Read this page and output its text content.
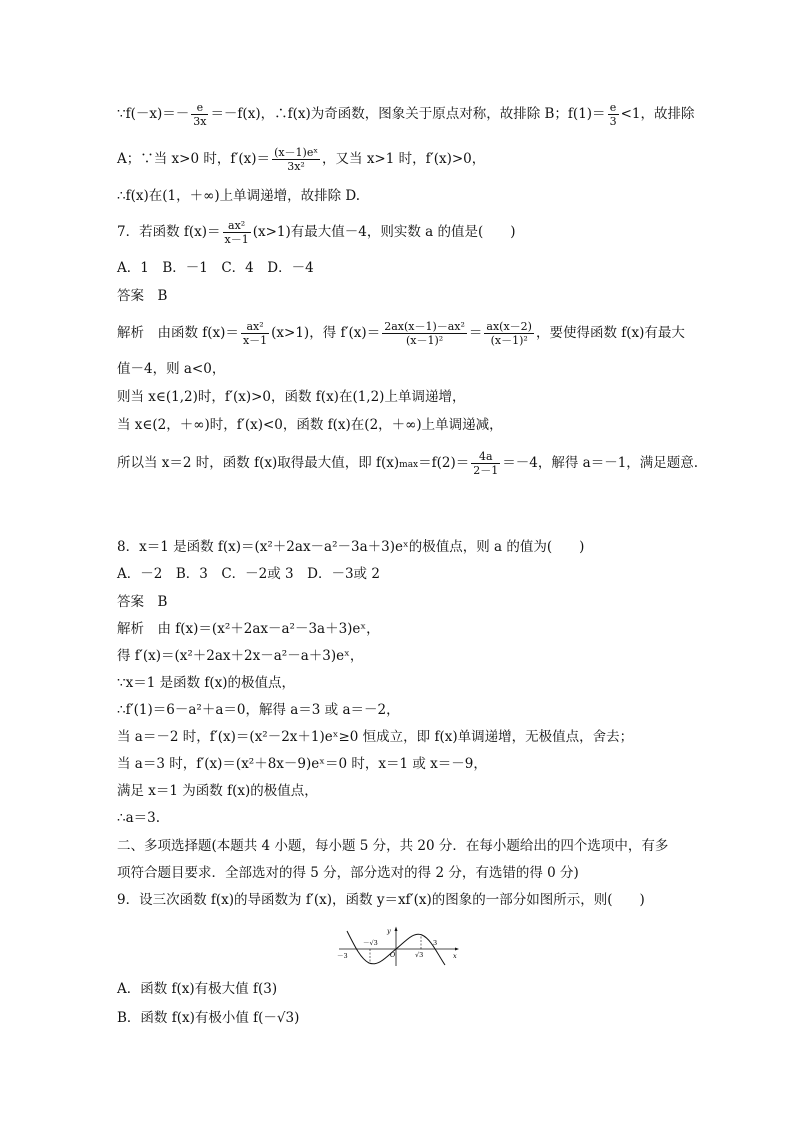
∵f(－x)＝－ $\frac{e}{3x} =-f(x)$，∴f(x)为奇函数，图象关于原点对称，故排除 B；$f(1)= \frac{e}{3} <1$，故排除
A；∵当 x>0 时，$f'(x)= \frac{\text{(x－1)eˣ}}{\text{3x²}}$ ，又当 x>1 时，f′(x)>0，
∴f(x)在(1，＋∞)上单调递增，故排除 D.
7．若函数 $f(x)= \frac{\text{ax²}}{x-1} (x>1)$有最大值－4，则实数 a 的值是(　　)
A．1　B．－1　C．4　D．－4
答案　B
解析　由函数 $f(x)= \frac{\text{ax²}}{x-1} (x>1)$，得 $f'(x)= \frac{\text{2ax(x－1)－ax²}}{\text{(x－1)²}} = \frac{ax(x-2)}{\text{(x－1)²}}$ ，要使得函数 f(x)有最大
值－4，则 a<0，
则当 x∈(1,2)时，f′(x)>0，函数 f(x)在(1,2)上单调递增，
当 x∈(2，＋∞)时，f′(x)<0，函数 f(x)在(2，＋∞)上单调递减，
所以当 x＝2 时，函数 f(x)取得最大值，即 $f(x)\max=f(2)= \frac{4a}{2-1} =-4$，解得 a＝－1，满足题意.
8．x＝1 是函数 f(x)＝(x²＋2ax－a²－3a＋3)eˣ的极值点，则 a 的值为(　　)
A．－2　B．3　C．－2或 3　D．－3或 2
答案　B
解析　由 f(x)＝(x²＋2ax－a²－3a＋3)eˣ，
得 f′(x)＝(x²＋2ax＋2x－a²－a＋3)eˣ，
∵x＝1 是函数 f(x)的极值点，
∴f′(1)＝6－a²＋a＝0，解得 a＝3 或 a＝－2，
当 a＝－2 时，f′(x)＝(x²－2x＋1)eˣ≥0 恒成立，即 f(x)单调递增，无极值点，舍去；
当 a＝3 时，f′(x)＝(x²＋8x－9)eˣ＝0 时，x＝1 或 x＝－9，
满足 x＝1 为函数 f(x)的极值点，
∴a＝3.
二、多项选择题(本题共 4 小题，每小题 5 分，共 20 分．在每小题给出的四个选项中，有多
项符合题目要求．全部选对的得 5 分，部分选对的得 2 分，有选错的得 0 分)
9．设三次函数 f(x)的导函数为 f′(x)，函数 y＝xf′(x)的图象的一部分如图所示，则(　　)
y
x
O
－3
－√3
√3
3
A．函数 f(x)有极大值 f(3)
B．函数 f(x)有极小值 f(－√3)
